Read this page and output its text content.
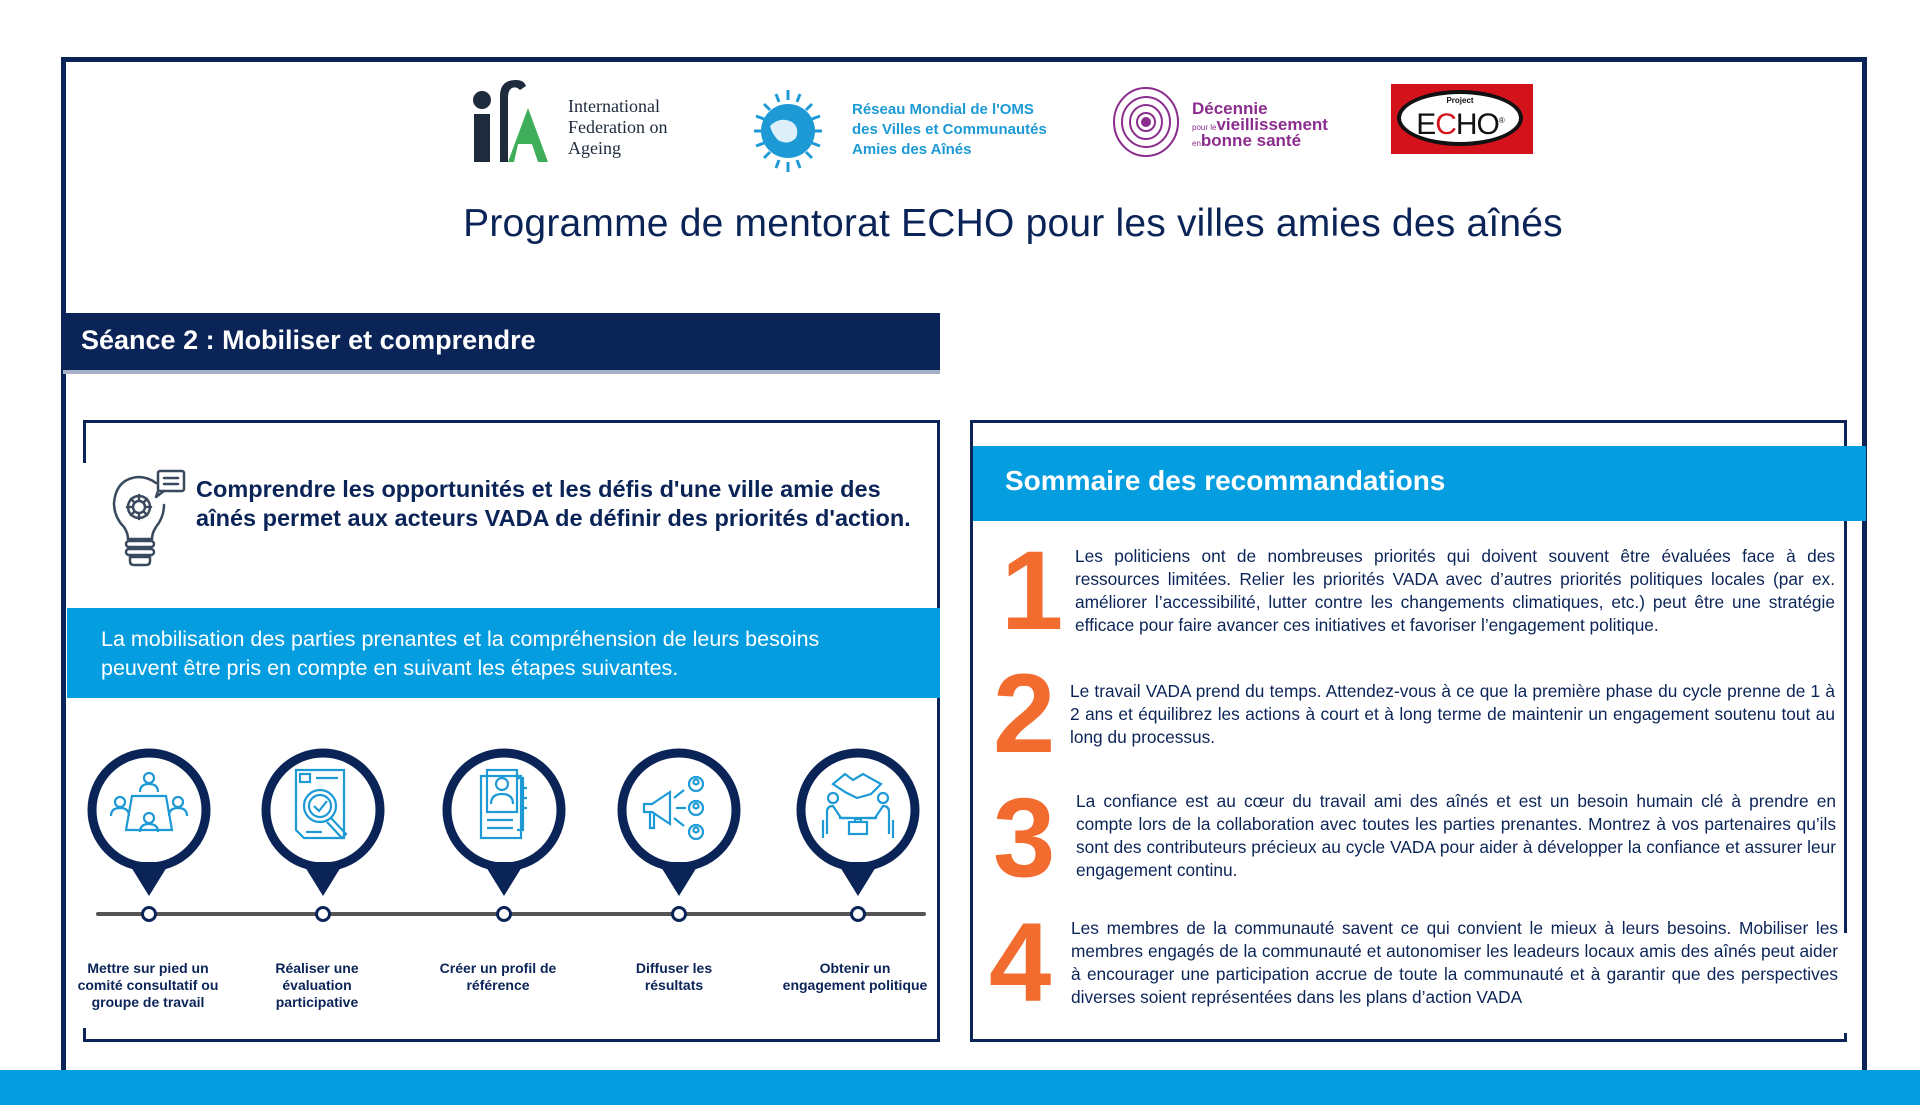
International
Federation on
Ageing
Réseau Mondial de l'OMS
des Villes et Communautés
Amies des Aînés
Décennie
pour levieillissement
enbonne santé
Project
ECHO®
Programme de mentorat ECHO pour les villes amies des aînés
Séance 2 : Mobiliser et comprendre
Comprendre les opportunités et les défis d'une ville amie des aînés permet aux acteurs VADA de définir des priorités d'action.
La mobilisation des parties prenantes et la compréhension de leurs besoins peuvent être pris en compte en suivant les étapes suivantes.
Mettre sur pied un comité consultatif ou groupe de travail
Réaliser une évaluation participative
Créer un profil de référence
Diffuser les résultats
Obtenir un engagement politique
Sommaire des recommandations
1 Les politiciens ont de nombreuses priorités qui doivent souvent être évaluées face à des ressources limitées. Relier les priorités VADA avec d’autres priorités politiques locales (par ex. améliorer l’accessibilité, lutter contre les changements climatiques, etc.) peut être une stratégie efficace pour faire avancer ces initiatives et favoriser l’engagement politique.
2 Le travail VADA prend du temps. Attendez-vous à ce que la première phase du cycle prenne de 1 à 2 ans et équilibrez les actions à court et à long terme de maintenir un engagement soutenu tout au long du processus.
3 La confiance est au cœur du travail ami des aînés et est un besoin humain clé à prendre en compte lors de la collaboration avec toutes les parties prenantes. Montrez à vos partenaires qu’ils sont des contributeurs précieux au cycle VADA pour aider à développer la confiance et assurer leur engagement continu.
4 Les membres de la communauté savent ce qui convient le mieux à leurs besoins. Mobiliser les membres engagés de la communauté et autonomiser les leadeurs locaux amis des aînés peut aider à encourager une participation accrue de toute la communauté et à garantir que des perspectives diverses soient représentées dans les plans d’action VADA
